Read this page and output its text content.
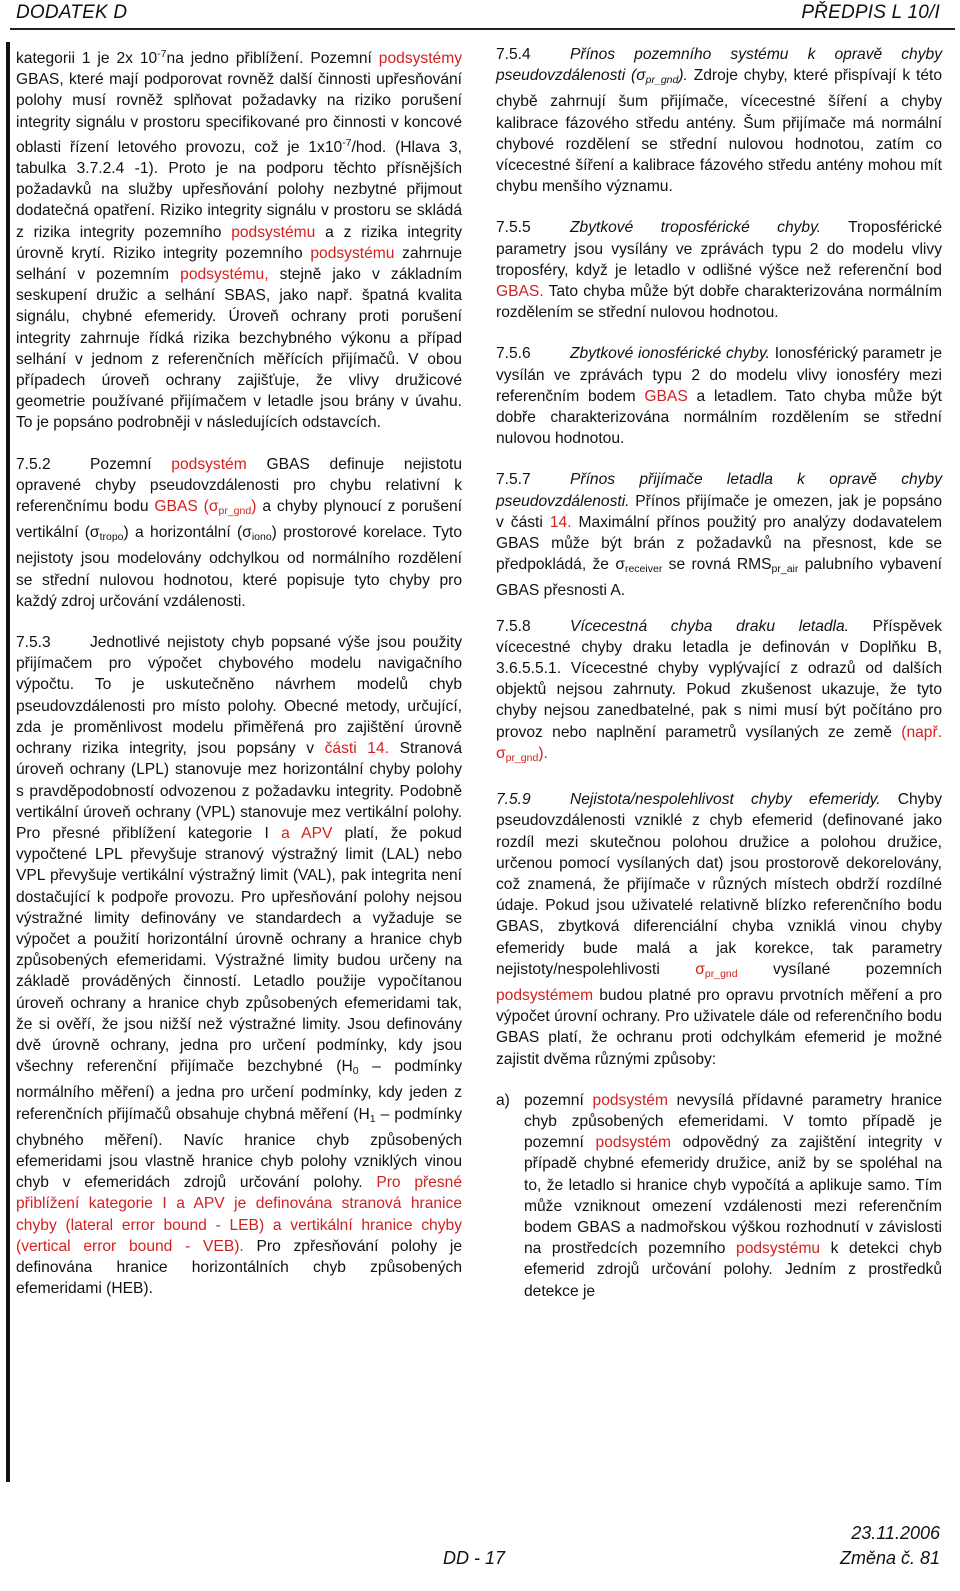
DODATEK D	PŘEDPIS L 10/I

kategorii 1 je 2x $10^{-7}na$ jedno přiblížení. Pozemní podsystémy GBAS, které mají podporovat rovněž další činnosti upřesňování polohy musí rovněž splňovat požadavky na riziko porušení integrity signálu v prostoru specifikované pro činnosti v koncové oblasti řízení letového provozu, což je $1x10^{-7}$/hod. (Hlava 3, tabulka 3.7.2.4 -1). Proto je na podporu těchto přísnějších požadavků na služby upřesňování polohy nezbytné přijmout dodatečná opatření. Riziko integrity signálu v prostoru se skládá z rizika integrity pozemního podsystému a z rizika integrity úrovně krytí. Riziko integrity pozemního podsystému zahrnuje selhání v pozemním podsystému, stejně jako v základním seskupení družic a selhání SBAS, jako např. špatná kvalita signálu, chybné efemeridy. Úroveň ochrany proti porušení integrity zahrnuje řídká rizika bezchybného výkonu a případ selhání v jednom z referenčních měřících přijímačů. V obou případech úroveň ochrany zajišťuje, že vlivy družicové geometrie používané přijímačem v letadle jsou brány v úvahu. To je popsáno podrobněji v následujících odstavcích.

7.5.2	Pozemní podsystém GBAS definuje nejistotu opravené chyby pseudovzdálenosti pro chybu relativní k referenčnímu bodu GBAS $(\sigma_{pr\_gnd})$ a chyby plynoucí z porušení vertikální $(\sigma_{tropo})$ a horizontální $(\sigma_{iono})$ prostorové korelace. Tyto nejistoty jsou modelovány odchylkou od normálního rozdělení se střední nulovou hodnotou, které popisuje tyto chyby pro každý zdroj určování vzdálenosti.

7.5.3	Jednotlivé nejistoty chyb popsané výše jsou použity přijímačem pro výpočet chybového modelu navigačního výpočtu. To je uskutečněno návrhem modelů chyb pseudovzdálenosti pro místo polohy. Obecné metody, určující, zda je proměnlivost modelu přiměřená pro zajištění úrovně ochrany rizika integrity, jsou popsány v části 14. Stranová úroveň ochrany (LPL) stanovuje mez horizontální chyby polohy s pravděpodobností odvozenou z požadavku integrity. Podobně vertikální úroveň ochrany (VPL) stanovuje mez vertikální polohy. Pro přesné přiblížení kategorie I a APV platí, že pokud vypočtené LPL převyšuje stranový výstražný limit (LAL) nebo VPL převyšuje vertikální výstražný limit (VAL), pak integrita není dostačující k podpoře provozu. Pro upřesňování polohy nejsou výstražné limity definovány ve standardech a vyžaduje se výpočet a použití horizontální úrovně ochrany a hranice chyb způsobených efemeridami. Výstražné limity budou určeny na základě prováděných činností. Letadlo použije vypočítanou úroveň ochrany a hranice chyb způsobených efemeridami tak, že si ověří, že jsou nižší než výstražné limity. Jsou definovány dvě úrovně ochrany, jedna pro určení podmínky, kdy jsou všechny referenční přijímače bezchybné ($H_0$ – podmínky normálního měření) a jedna pro určení podmínky, kdy jeden z referenčních přijímačů obsahuje chybná měření ($H_1$ – podmínky chybného měření). Navíc hranice chyb způsobených efemeridami jsou vlastně hranice chyb polohy vzniklých vinou chyb v efemeridách zdrojů určování polohy. Pro přesné přiblížení kategorie I a APV je definována stranová hranice chyby (lateral error bound - LEB) a vertikální hranice chyby (vertical error bound - VEB). Pro zpřesňování polohy je definována hranice horizontálních chyb způsobených efemeridami (HEB).

7.5.4	Přínos pozemního systému k opravě chyby pseudovzdálenosti $(\sigma_{pr\_gnd})$. Zdroje chyby, které přispívají k této chybě zahrnují šum přijímače, vícecestné šíření a chyby kalibrace fázového středu antény. Šum přijímače má normální chybové rozdělení se střední nulovou hodnotou, zatím co vícecestné šíření a kalibrace fázového středu antény mohou mít chybu menšího významu.

7.5.5	Zbytkové troposférické chyby. Troposférické parametry jsou vysílány ve zprávách typu 2 do modelu vlivy troposféry, když je letadlo v odlišné výšce než referenční bod GBAS. Tato chyba může být dobře charakterizována normálním rozdělením se střední nulovou hodnotou.

7.5.6	Zbytkové ionosférické chyby. Ionosférický parametr je vysílán ve zprávách typu 2 do modelu vlivy ionosféry mezi referenčním bodem GBAS a letadlem. Tato chyba může být dobře charakterizována normálním rozdělením se střední nulovou hodnotou.

7.5.7	Přínos přijímače letadla k opravě chyby pseudovzdálenosti. Přínos přijímače je omezen, jak je popsáno v části 14. Maximální přínos použitý pro analýzy dodavatelem GBAS může být brán z požadavků na přesnost, kde se předpokládá, že $\sigma_{receiver}$ se rovná $RMS_{pr\_air}$ palubního vybavení GBAS přesnosti A.

7.5.8	Vícecestná chyba draku letadla. Příspěvek vícecestné chyby draku letadla je definován v Doplňku B, 3.6.5.5.1. Vícecestné chyby vyplývající z odrazů od dalších objektů nejsou zahrnuty. Pokud zkušenost ukazuje, že tyto chyby nejsou zanedbatelné, pak s nimi musí být počítáno pro provoz nebo naplnění parametrů vysílaných ze země (např. $\sigma_{pr\_gnd}$).

7.5.9	Nejistota/nespolehlivost chyby efemeridy. Chyby pseudovzdálenosti vzniklé z chyb efemerid (definované jako rozdíl mezi skutečnou polohou družice a polohou družice, určenou pomocí vysílaných dat) jsou prostorově dekorelovány, což znamená, že přijímače v různých místech obdrží rozdílné údaje. Pokud jsou uživatelé relativně blízko referenčního bodu GBAS, zbytková diferenciální chyba vzniklá vinou chyby efemeridy bude malá a jak korekce, tak parametry nejistoty/nespolehlivosti $\sigma_{pr\_gnd}$ vysílané pozemních podsystémem budou platné pro opravu prvotních měření a pro výpočet úrovní ochrany. Pro uživatele dále od referenčního bodu GBAS platí, že ochranu proti odchylkám efemerid je možné zajistit dvěma různými způsoby:

a) pozemní podsystém nevysílá přídavné parametry hranice chyb způsobených efemeridami. V tomto případě je pozemní podsystém odpovědný za zajištění integrity v případě chybné efemeridy družice, aniž by se spoléhal na to, že letadlo si hranice chyb vypočítá a aplikuje samo. Tím může vzniknout omezení vzdálenosti mezi referenčním bodem GBAS a nadmořskou výškou rozhodnutí v závislosti na prostředcích pozemního podsystému k detekci chyb efemerid zdrojů určování polohy. Jedním z prostředků detekce je
23.11.2006
DD - 17	Změna č. 81
